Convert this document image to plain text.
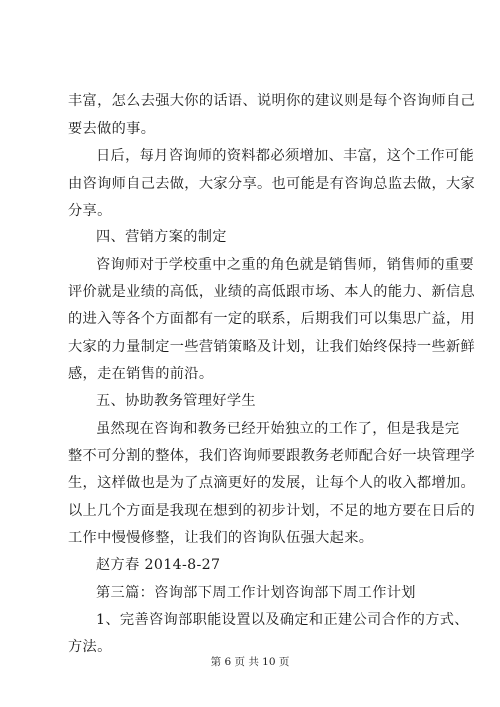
丰富，怎么去强大你的话语、说明你的建议则是每个咨询师自己
要去做的事。
日后，每月咨询师的资料都必须增加、丰富，这个工作可能
由咨询师自己去做，大家分享。也可能是有咨询总监去做，大家
分享。
四、营销方案的制定
咨询师对于学校重中之重的角色就是销售师，销售师的重要
评价就是业绩的高低，业绩的高低跟市场、本人的能力、新信息
的进入等各个方面都有一定的联系，后期我们可以集思广益，用
大家的力量制定一些营销策略及计划，让我们始终保持一些新鲜
感，走在销售的前沿。
五、协助教务管理好学生
虽然现在咨询和教务已经开始独立的工作了，但是我是完
整不可分割的整体，我们咨询师要跟教务老师配合好一块管理学
生，这样做也是为了点滴更好的发展，让每个人的收入都增加。
以上几个方面是我现在想到的初步计划，不足的地方要在日后的
工作中慢慢修整，让我们的咨询队伍强大起来。
赵方春 2014-8-27
第三篇：咨询部下周工作计划咨询部下周工作计划
1、完善咨询部职能设置以及确定和正建公司合作的方式、
方法。
第 6 页 共 10 页
